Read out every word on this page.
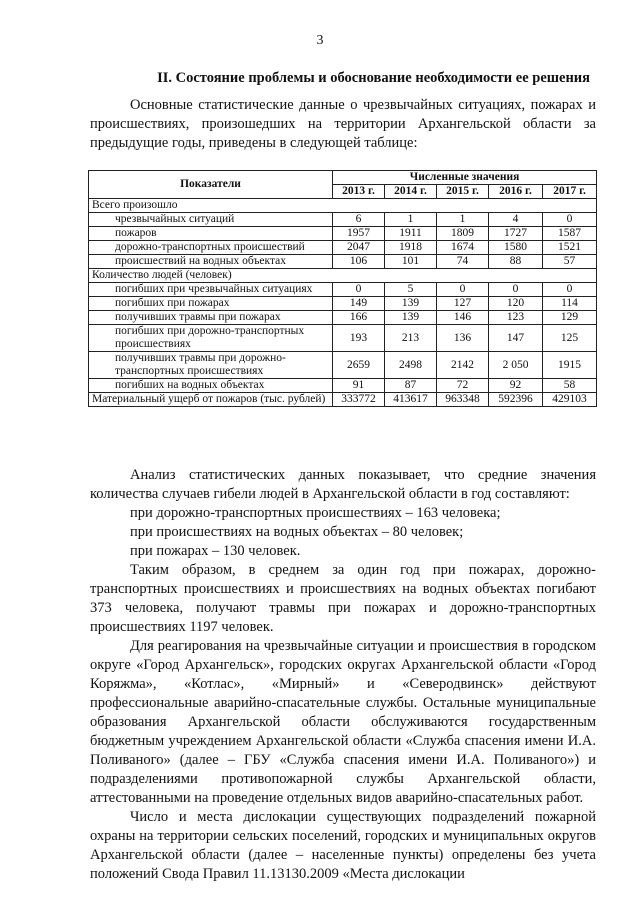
3
II. Состояние проблемы и обоснование необходимости ее решения

Основные статистические данные о чрезвычайных ситуациях, пожарах и происшествиях, произошедших на территории Архангельской области за предыдущие годы, приведены в следующей таблице:

Показатели	Численные значения				
	2013 г.	2014 г.	2015 г.	2016 г.	2017 г.
Всего произошло					
чрезвычайных ситуаций	6	1	1	4	0
пожаров	1957	1911	1809	1727	1587
дорожно-транспортных происшествий	2047	1918	1674	1580	1521
происшествий на водных объектах	106	101	74	88	57
Количество людей (человек)					
погибших при чрезвычайных ситуациях	0	5	0	0	0
погибших при пожарах	149	139	127	120	114
получивших травмы при пожарах	166	139	146	123	129
погибших при дорожно-транспортных происшествиях	193	213	136	147	125
получивших травмы при дорожно-транспортных происшествиях	2659	2498	2142	2 050	1915
погибших на водных объектах	91	87	72	92	58
Материальный ущерб от пожаров (тыс. рублей)	333772	413617	963348	592396	429103

Анализ статистических данных показывает, что средние значения количества случаев гибели людей в Архангельской области в год составляют:

при дорожно-транспортных происшествиях – 163 человека;

при происшествиях на водных объектах – 80 человек;

при пожарах – 130 человек.

Таким образом, в среднем за один год при пожарах, дорожно-транспортных происшествиях и происшествиях на водных объектах погибают 373 человека, получают травмы при пожарах и дорожно-транспортных происшествиях 1197 человек.

Для реагирования на чрезвычайные ситуации и происшествия в городском округе «Город Архангельск», городских округах Архангельской области «Город Коряжма», «Котлас», «Мирный» и «Северодвинск» действуют профессиональные аварийно-спасательные службы. Остальные муниципальные образования Архангельской области обслуживаются государственным бюджетным учреждением Архангельской области «Служба спасения имени И.А. Поливаного» (далее – ГБУ «Служба спасения имени И.А. Поливаного») и подразделениями противопожарной службы Архангельской области, аттестованными на проведение отдельных видов аварийно-спасательных работ.

Число и места дислокации существующих подразделений пожарной охраны на территории сельских поселений, городских и муниципальных округов Архангельской области (далее – населенные пункты) определены без учета положений Свода Правил 11.13130.2009 «Места дислокации
